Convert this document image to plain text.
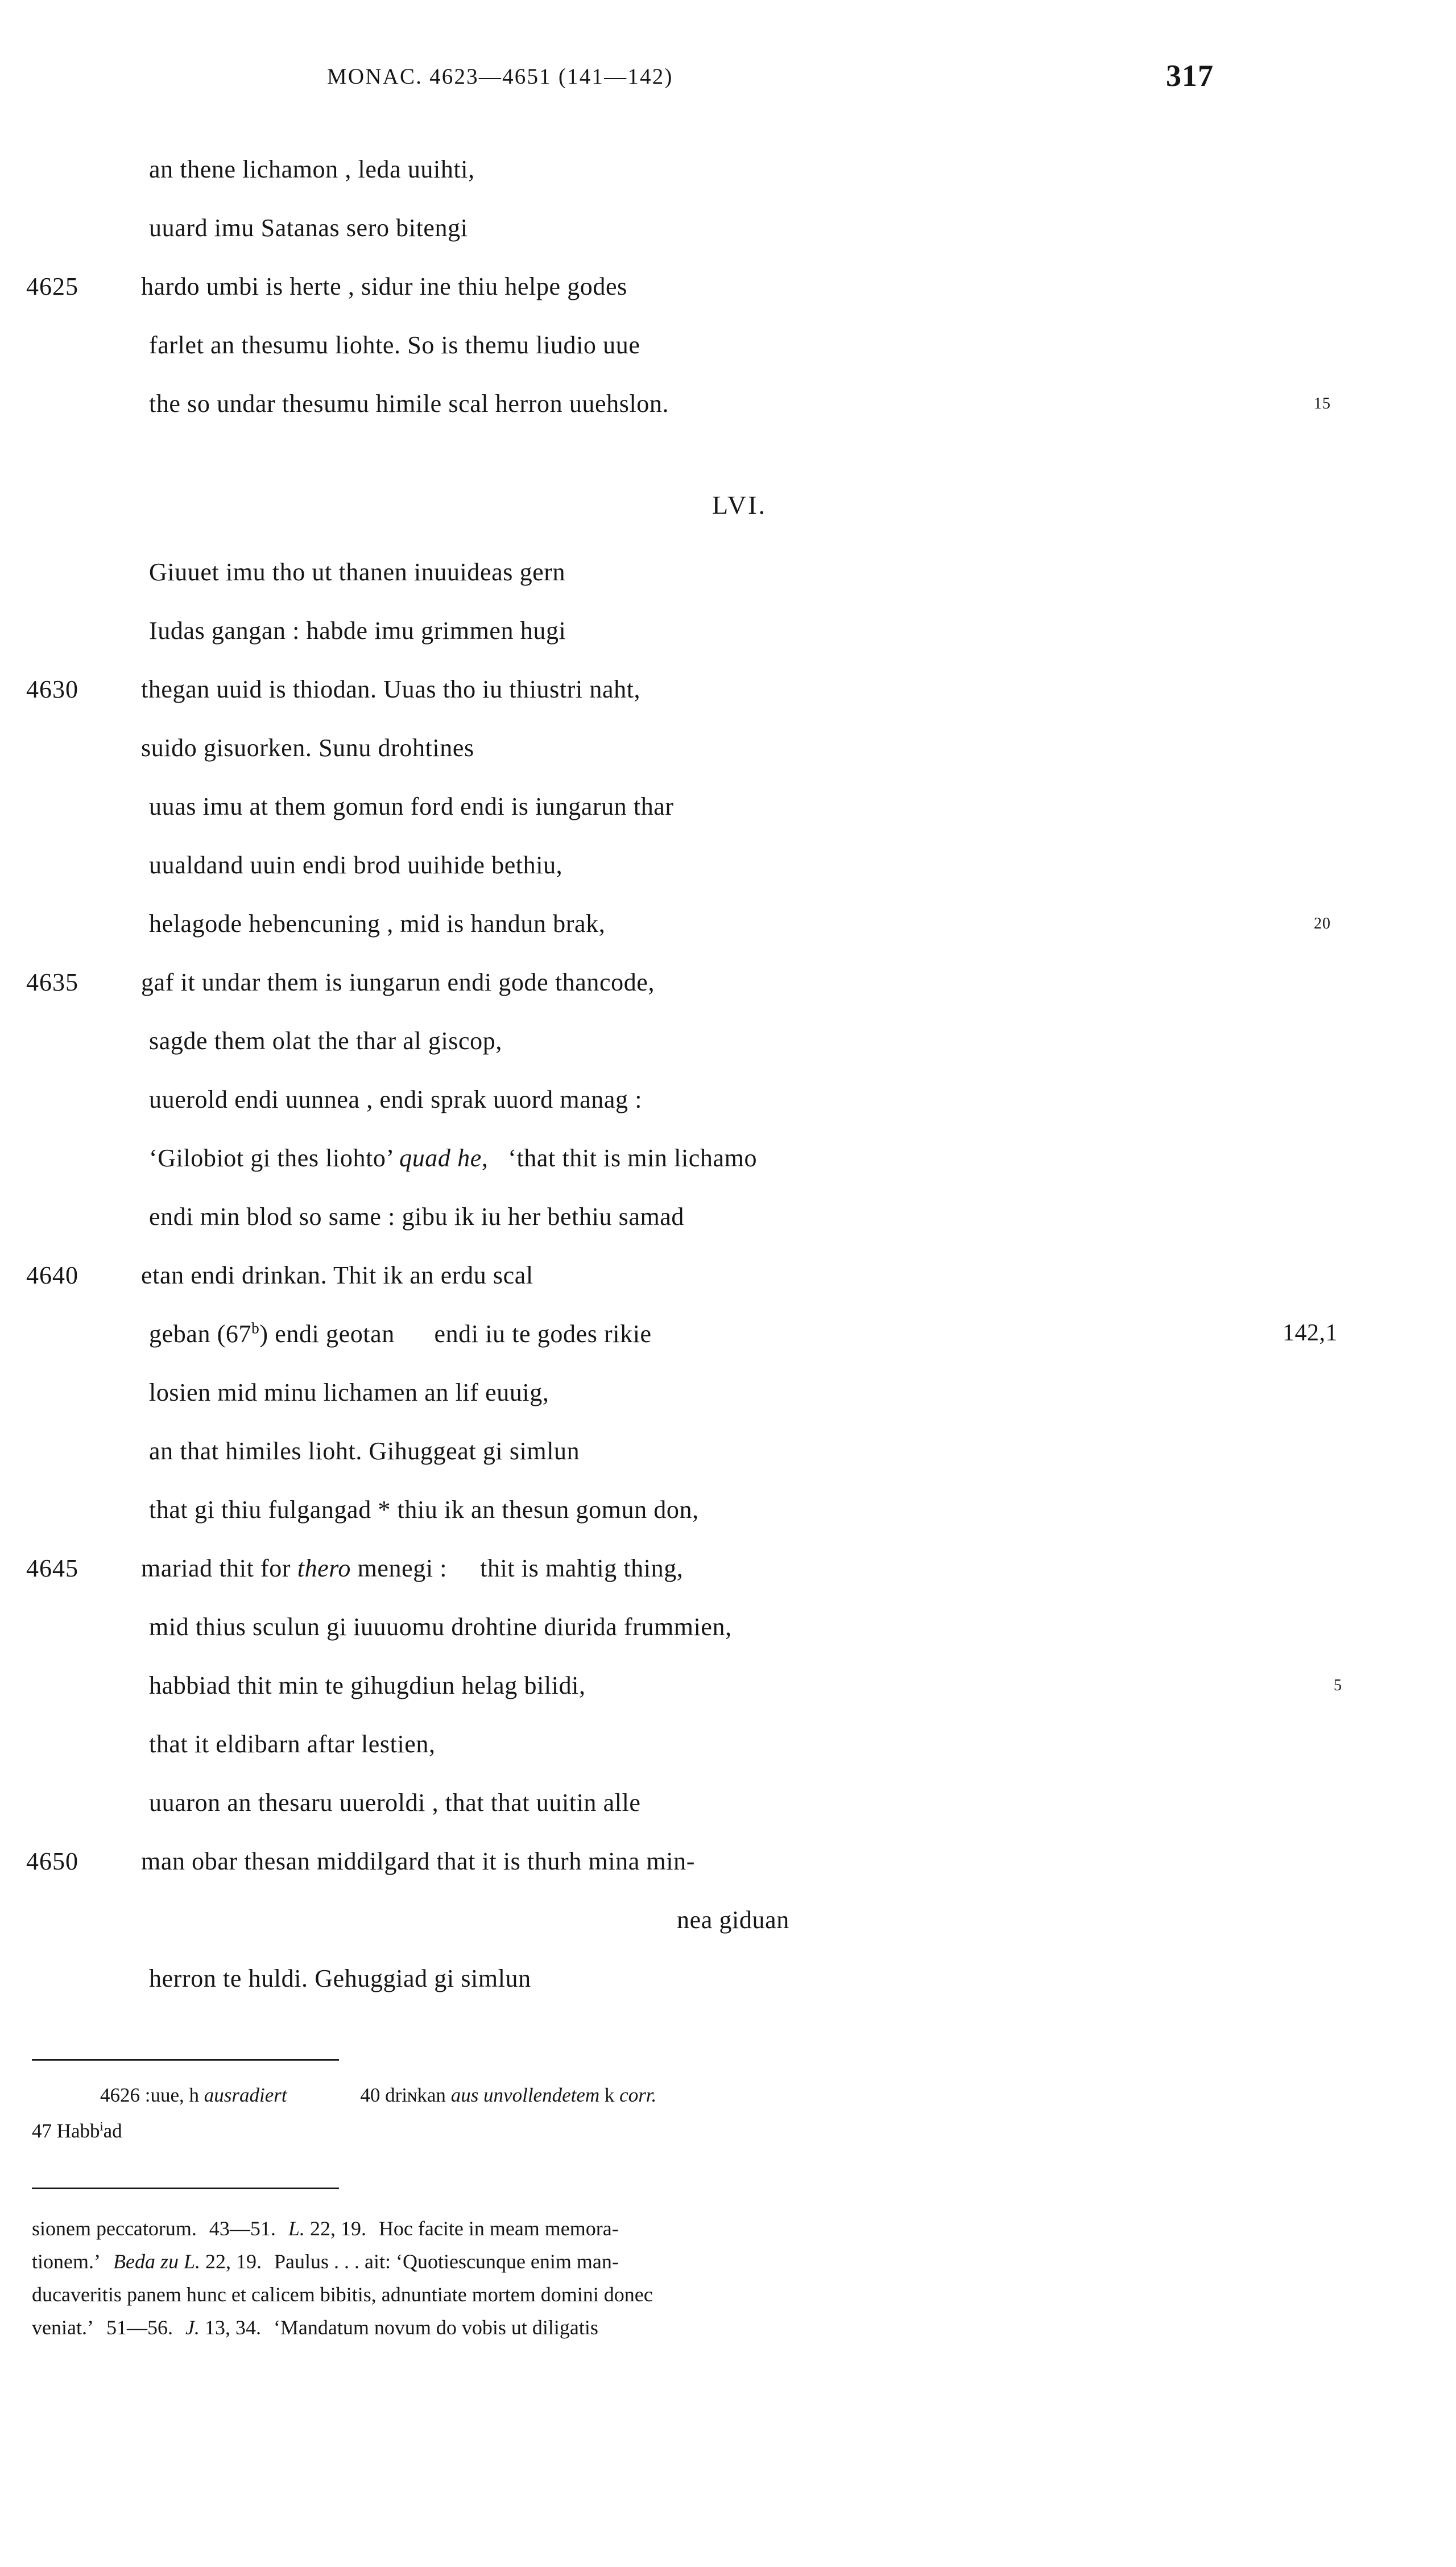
MONAC. 4623—4651 (141—142)	317
an thene lichamon , leda uuihti,
uuard imu Satanas sero bitengi
4625	hardo umbi is herte , sidur ine thiu helpe godes
farlet an thesumu liohte. So is themu liudio uue
the so undar thesumu himile scal herron uuehslon.	15
LVI.
Giuuet imu tho ut thanen inuuideas gern
Iudas gangan : habde imu grimmen hugi
4630	thegan uuid is thiodan. Uuas tho iu thiustri naht,
suido gisuorken. Sunu drohtines
uuas imu at them gomun ford endi is iungarun thar
uualdand uuin endi brod uuihide bethiu,
helagode hebencuning , mid is handun brak,	20
4635	gaf it undar them is iungarun endi gode thancode,
sagde them olat the thar al giscop,
uuerold endi uunnea , endi sprak uuord manag :
‘Gilobiot gi thes liohto’ quad he,   ‘that thit is min lichamo
endi min blod so same : gibu ik iu her bethiu samad
4640	etan endi drinkan. Thit ik an erdu scal
geban (67$^b$) endi geotan      endi iu te godes rikie	142,1
losien mid minu lichamen an lif euuig,
an that himiles lioht. Gihuggeat gi simlun
that gi thiu fulgangad * thiu ik an thesun gomun don,
4645	mariad thit for thero menegi :     thit is mahtig thing,
mid thius sculun gi iuuuomu drohtine diurida frummien,
habbiad thit min te gihugdiun helag bilidi,	5
that it eldibarn aftar lestien,
uuaron an thesaru uueroldi , that that uuitin alle
4650	man obar thesan middilgard that it is thurh mina min-
nea giduan
herron te huldi. Gehuggiad gi simlun
4626 :uue, h ausradiert	40 driɴkan aus unvollendetem k corr.
47 Habb$^i$ad
sionem peccatorum. 43—51. L. 22, 19. Hoc facite in meam memora-
tionem.’ Beda zu L. 22, 19. Paulus . . . ait: ‘Quotiescunque enim man-
ducaveritis panem hunc et calicem bibitis, adnuntiate mortem domini donec
veniat.’ 51—56. J. 13, 34. ‘Mandatum novum do vobis ut diligatis
